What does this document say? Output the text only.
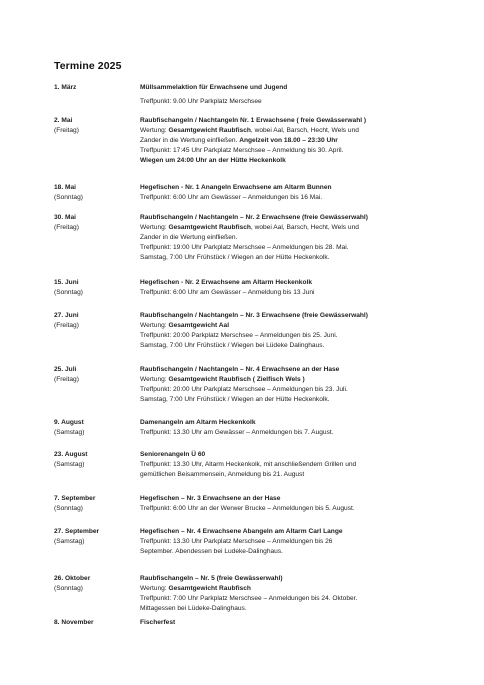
Termine 2025
1. März	Müllsammelaktion für Erwachsene und Jugend
Treffpunkt: 9.00 Uhr Parkplatz Merschsee
2. Mai
(Freitag)
Raubfischangeln / Nachtangeln Nr. 1 Erwachsene ( freie Gewässerwahl )
Wertung: Gesamtgewicht Raubfisch, wobei Aal, Barsch, Hecht, Wels und
Zander in die Wertung einfließen. Angelzeit von 18.00 – 23:30 Uhr
Treffpunkt: 17:45 Uhr Parkplatz Merschsee – Anmeldung bis 30. April.
Wiegen um 24:00 Uhr an der Hütte Heckenkolk
18. Mai
(Sonntag)
Hegefischen - Nr. 1 Anangeln Erwachsene am Altarm Bunnen
Treffpunkt: 6:00 Uhr am Gewässer – Anmeldungen bis 16 Mai.
30. Mai
(Freitag)
Raubfischangeln / Nachtangeln – Nr. 2 Erwachsene (freie Gewässerwahl)
Wertung: Gesamtgewicht Raubfisch, wobei Aal, Barsch, Hecht, Wels und
Zander in die Wertung einfließen.
Treffpunkt: 19:00 Uhr Parkplatz Merschsee – Anmeldungen bis 28. Mai.
Samstag, 7:00 Uhr Frühstück / Wiegen an der Hütte Heckenkolk.
15. Juni
(Sonntag)
Hegefischen - Nr. 2 Erwachsene am Altarm Heckenkolk
Treffpunkt: 6:00 Uhr am Gewässer – Anmeldung bis 13 Juni
27. Juni
(Freitag)
Raubfischangeln / Nachtangeln – Nr. 3 Erwachsene (freie Gewässerwahl)
Wertung: Gesamtgewicht Aal
Treffpunkt: 20:00 Parkplatz Merschsee – Anmeldungen bis 25. Juni.
Samstag, 7:00 Uhr Frühstück / Wiegen bei Lüdeke Dalinghaus.
25. Juli
(Freitag)
Raubfischangeln / Nachtangeln – Nr. 4 Erwachsene an der Hase
Wertung: Gesamtgewicht Raubfisch ( Zielfisch Wels )
Treffpunkt: 20:00 Uhr Parkplatz Merschsee – Anmeldungen bis 23. Juli.
Samstag, 7:00 Uhr Frühstück / Wiegen an der Hütte Heckenkolk.
9. August
(Samstag)
Damenangeln am Altarm Heckenkolk
Treffpunkt: 13.30 Uhr am Gewässer – Anmeldungen bis 7. August.
23. August
(Samstag)
Seniorenangeln Ü 60
Treffpunkt: 13.30 Uhr, Altarm Heckenkolk, mit anschließendem Grillen und
gemütlichen Beisammensein, Anmeldung bis 21. August
7. September
(Sonntag)
Hegefischen – Nr. 3 Erwachsene an der Hase
Treffpunkt: 6:00 Uhr an der Werwer Brucke – Anmeldungen bis 5. August.
27. September
(Samstag)
Hegefischen – Nr. 4 Erwachsene Abangeln am Altarm Carl Lange
Treffpunkt: 13.30 Uhr Parkplatz Merschsee – Anmeldungen bis 26
September. Abendessen bei Ludeke-Dalinghaus.
26. Oktober
(Sonntag)
Raubfischangeln – Nr. 5 (freie Gewässerwahl)
Wertung: Gesamtgewicht Raubfisch
Treffpunkt: 7:00 Uhr Parkplatz Merschsee – Anmeldungen bis 24. Oktober.
Mittagessen bei Lüdeke-Dalinghaus.
8. November	Fischerfest
